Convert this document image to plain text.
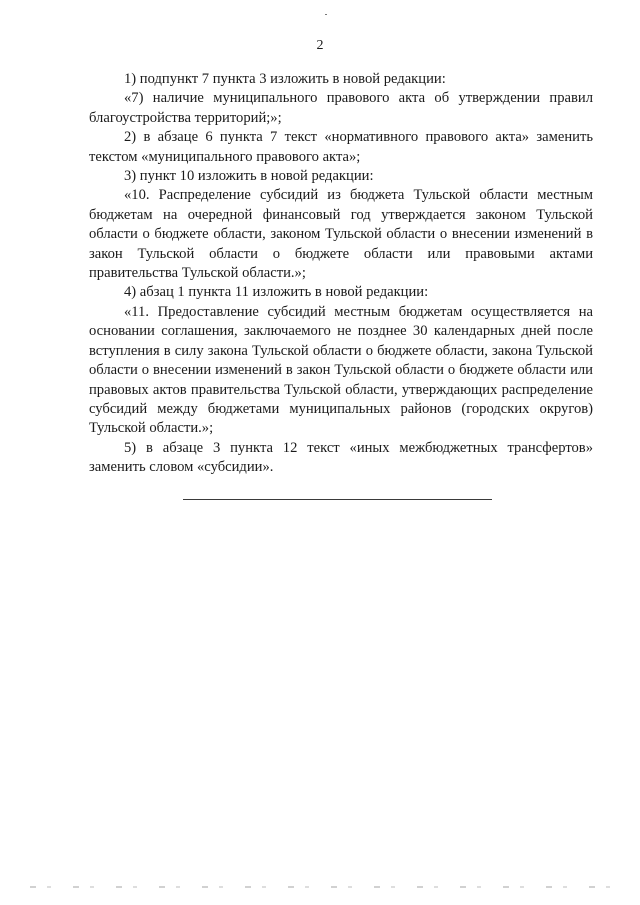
2

1) подпункт 7 пункта 3 изложить в новой редакции:

«7) наличие муниципального правового акта об утверждении правил благоустройства территорий;»;

2) в абзаце 6 пункта 7 текст «нормативного правового акта» заменить текстом «муниципального правового акта»;

3) пункт 10 изложить в новой редакции:

«10. Распределение субсидий из бюджета Тульской области местным бюджетам на очередной финансовый год утверждается законом Тульской области о бюджете области, законом Тульской области о внесении изменений в закон Тульской области о бюджете области или правовыми актами правительства Тульской области.»;

4) абзац 1 пункта 11 изложить в новой редакции:

«11. Предоставление субсидий местным бюджетам осуществляется на основании соглашения, заключаемого не позднее 30 календарных дней после вступления в силу закона Тульской области о бюджете области, закона Тульской области о внесении изменений в закон Тульской области о бюджете области или правовых актов правительства Тульской области, утверждающих распределение субсидий между бюджетами муниципальных районов (городских округов) Тульской области.»;

5) в абзаце 3 пункта 12 текст «иных межбюджетных трансфертов» заменить словом «субсидии».
